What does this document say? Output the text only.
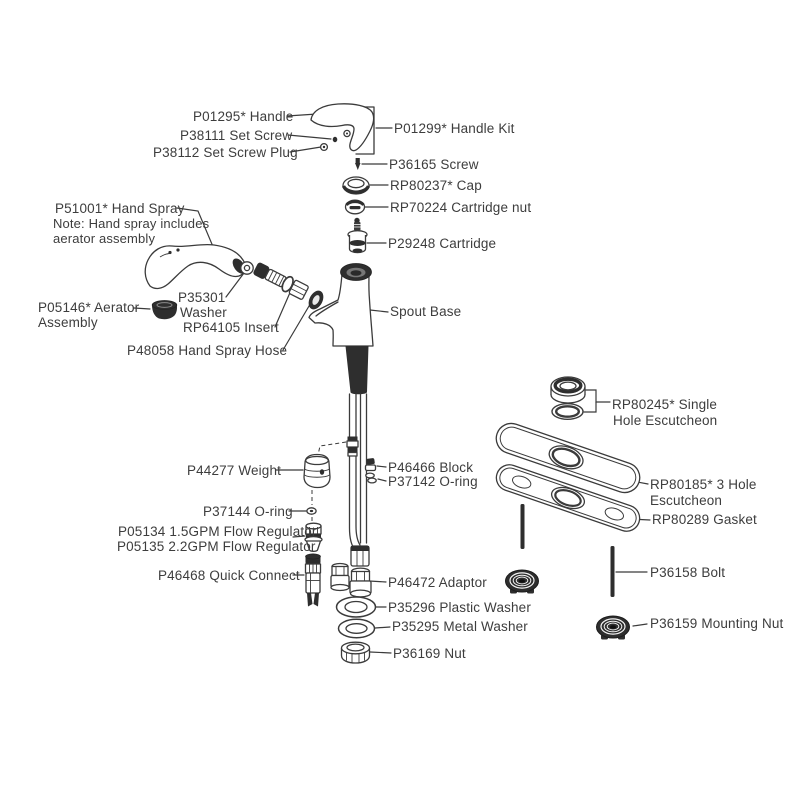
P01295* Handle
P38111 Set Screw
P38112 Set Screw Plug
P01299* Handle Kit
P36165 Screw
RP80237* Cap
RP70224 Cartridge nut
P29248 Cartridge
P51001* Hand Spray
Note: Hand spray includes
aerator assembly
P05146* Aerator
Assembly
P35301
Washer
RP64105 Insert
P48058 Hand Spray Hose
Spout Base
RP80245* Single
Hole Escutcheon
P44277 Weight	P46466 Block
P37142 O-ring
P37144 O-ring
P05134 1.5GPM Flow Regulator
P05135 2.2GPM Flow Regulator
P46468 Quick Connect	P46472 Adaptor
P35296 Plastic Washer
P35295 Metal Washer
P36169 Nut
RP80185* 3 Hole
Escutcheon
RP80289 Gasket
P36158 Bolt
P36159 Mounting Nut
